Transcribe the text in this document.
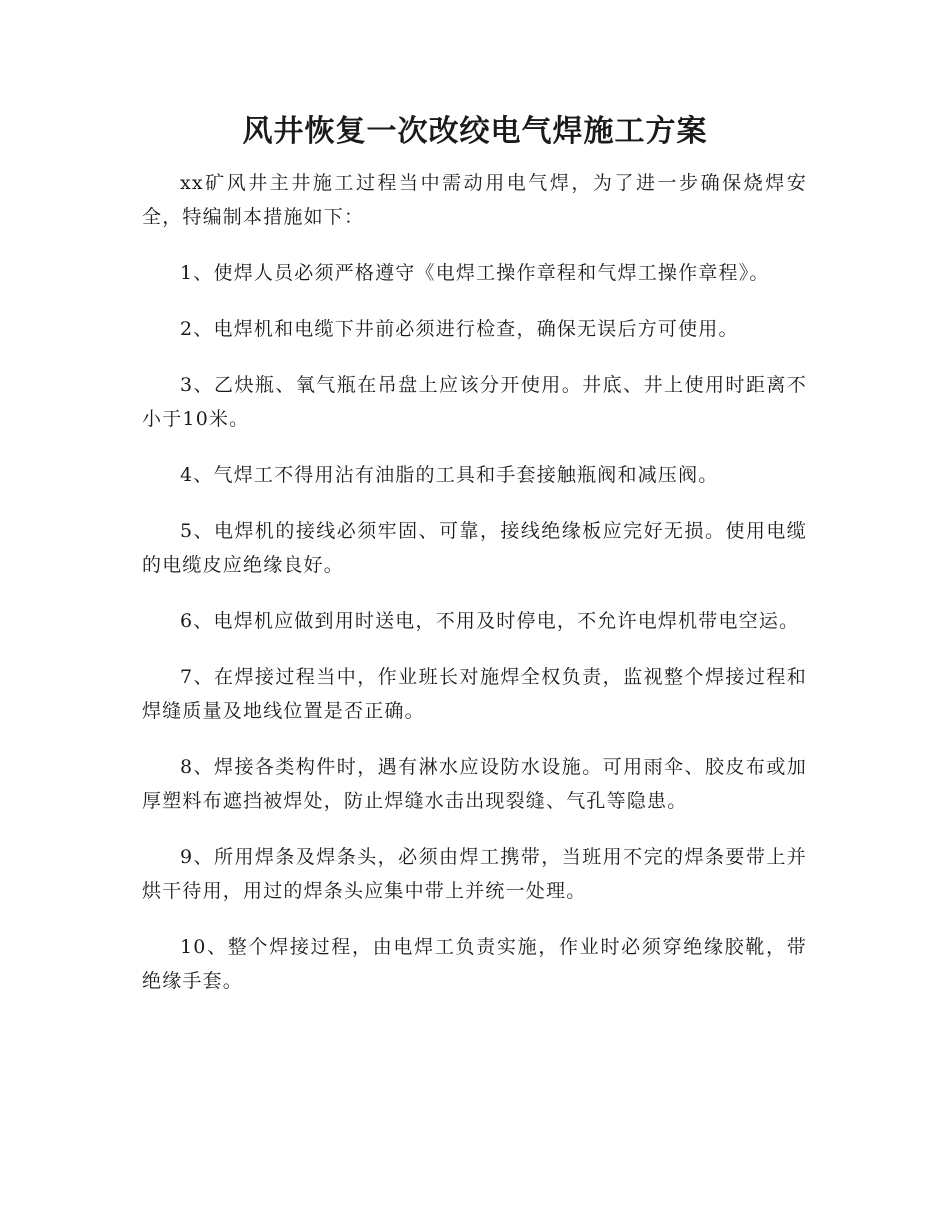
风井恢复一次改绞电气焊施工方案

xx矿风井主井施工过程当中需动用电气焊，为了进一步确保烧焊安全，特编制本措施如下：

1、使焊人员必须严格遵守《电焊工操作章程和气焊工操作章程》。

2、电焊机和电缆下井前必须进行检查，确保无误后方可使用。

3、乙炔瓶、氧气瓶在吊盘上应该分开使用。井底、井上使用时距离不小于10米。

4、气焊工不得用沾有油脂的工具和手套接触瓶阀和减压阀。

5、电焊机的接线必须牢固、可靠，接线绝缘板应完好无损。使用电缆的电缆皮应绝缘良好。

6、电焊机应做到用时送电，不用及时停电，不允许电焊机带电空运。

7、在焊接过程当中，作业班长对施焊全权负责，监视整个焊接过程和焊缝质量及地线位置是否正确。

8、焊接各类构件时，遇有淋水应设防水设施。可用雨伞、胶皮布或加厚塑料布遮挡被焊处，防止焊缝水击出现裂缝、气孔等隐患。

9、所用焊条及焊条头，必须由焊工携带，当班用不完的焊条要带上并烘干待用，用过的焊条头应集中带上并统一处理。

10、整个焊接过程，由电焊工负责实施，作业时必须穿绝缘胶靴，带绝缘手套。
